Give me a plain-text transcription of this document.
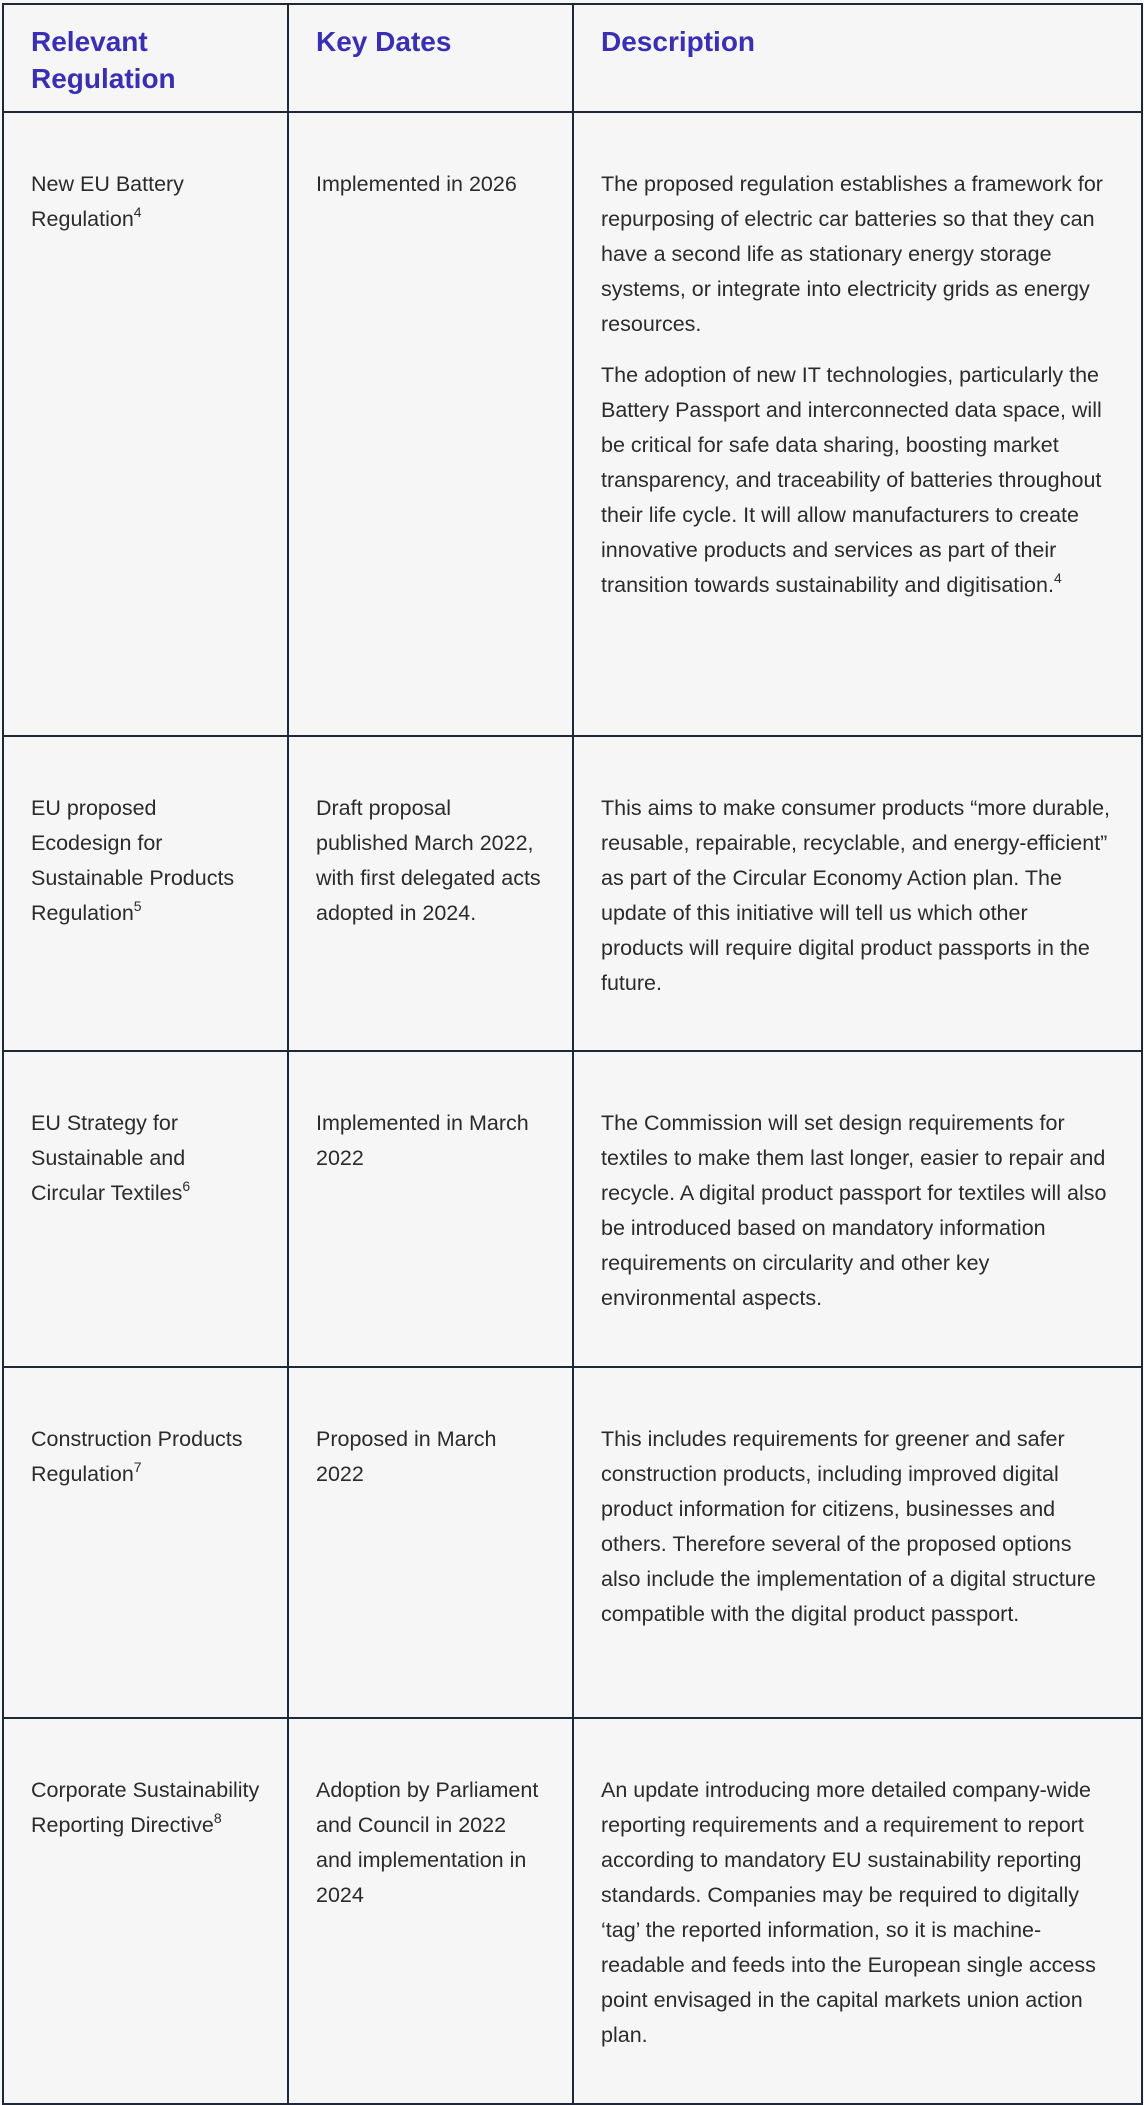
Relevant Regulation	Key Dates	Description
New EU Battery Regulation$^4$	Implemented in 2026	The proposed regulation establishes a framework for repurposing of electric car batteries so that they can have a second life as stationary energy storage systems, or integrate into electricity grids as energy resources.

The adoption of new IT technologies, particularly the Battery Passport and interconnected data space, will be critical for safe data sharing, boosting market transparency, and traceability of batteries throughout their life cycle. It will allow manufacturers to create innovative products and services as part of their transition towards sustainability and digitisation.$^4$

EU proposed Ecodesign for Sustainable Products Regulation$^5$	Draft proposal published March 2022, with first delegated acts adopted in 2024.	This aims to make consumer products “more durable, reusable, repairable, recyclable, and energy-efficient” as part of the Circular Economy Action plan. The update of this initiative will tell us which other products will require digital product passports in the future.

EU Strategy for Sustainable and Circular Textiles$^6$	Implemented in March 2022	The Commission will set design requirements for textiles to make them last longer, easier to repair and recycle. A digital product passport for textiles will also be introduced based on mandatory information requirements on circularity and other key environmental aspects.

Construction Products Regulation$^7$	Proposed in March 2022	This includes requirements for greener and safer construction products, including improved digital product information for citizens, businesses and others. Therefore several of the proposed options also include the implementation of a digital structure compatible with the digital product passport.

Corporate Sustainability Reporting Directive$^8$	Adoption by Parliament and Council in 2022 and implementation in 2024	An update introducing more detailed company-wide reporting requirements and a requirement to report according to mandatory EU sustainability reporting standards. Companies may be required to digitally ‘tag’ the reported information, so it is machine-readable and feeds into the European single access point envisaged in the capital markets union action plan.
